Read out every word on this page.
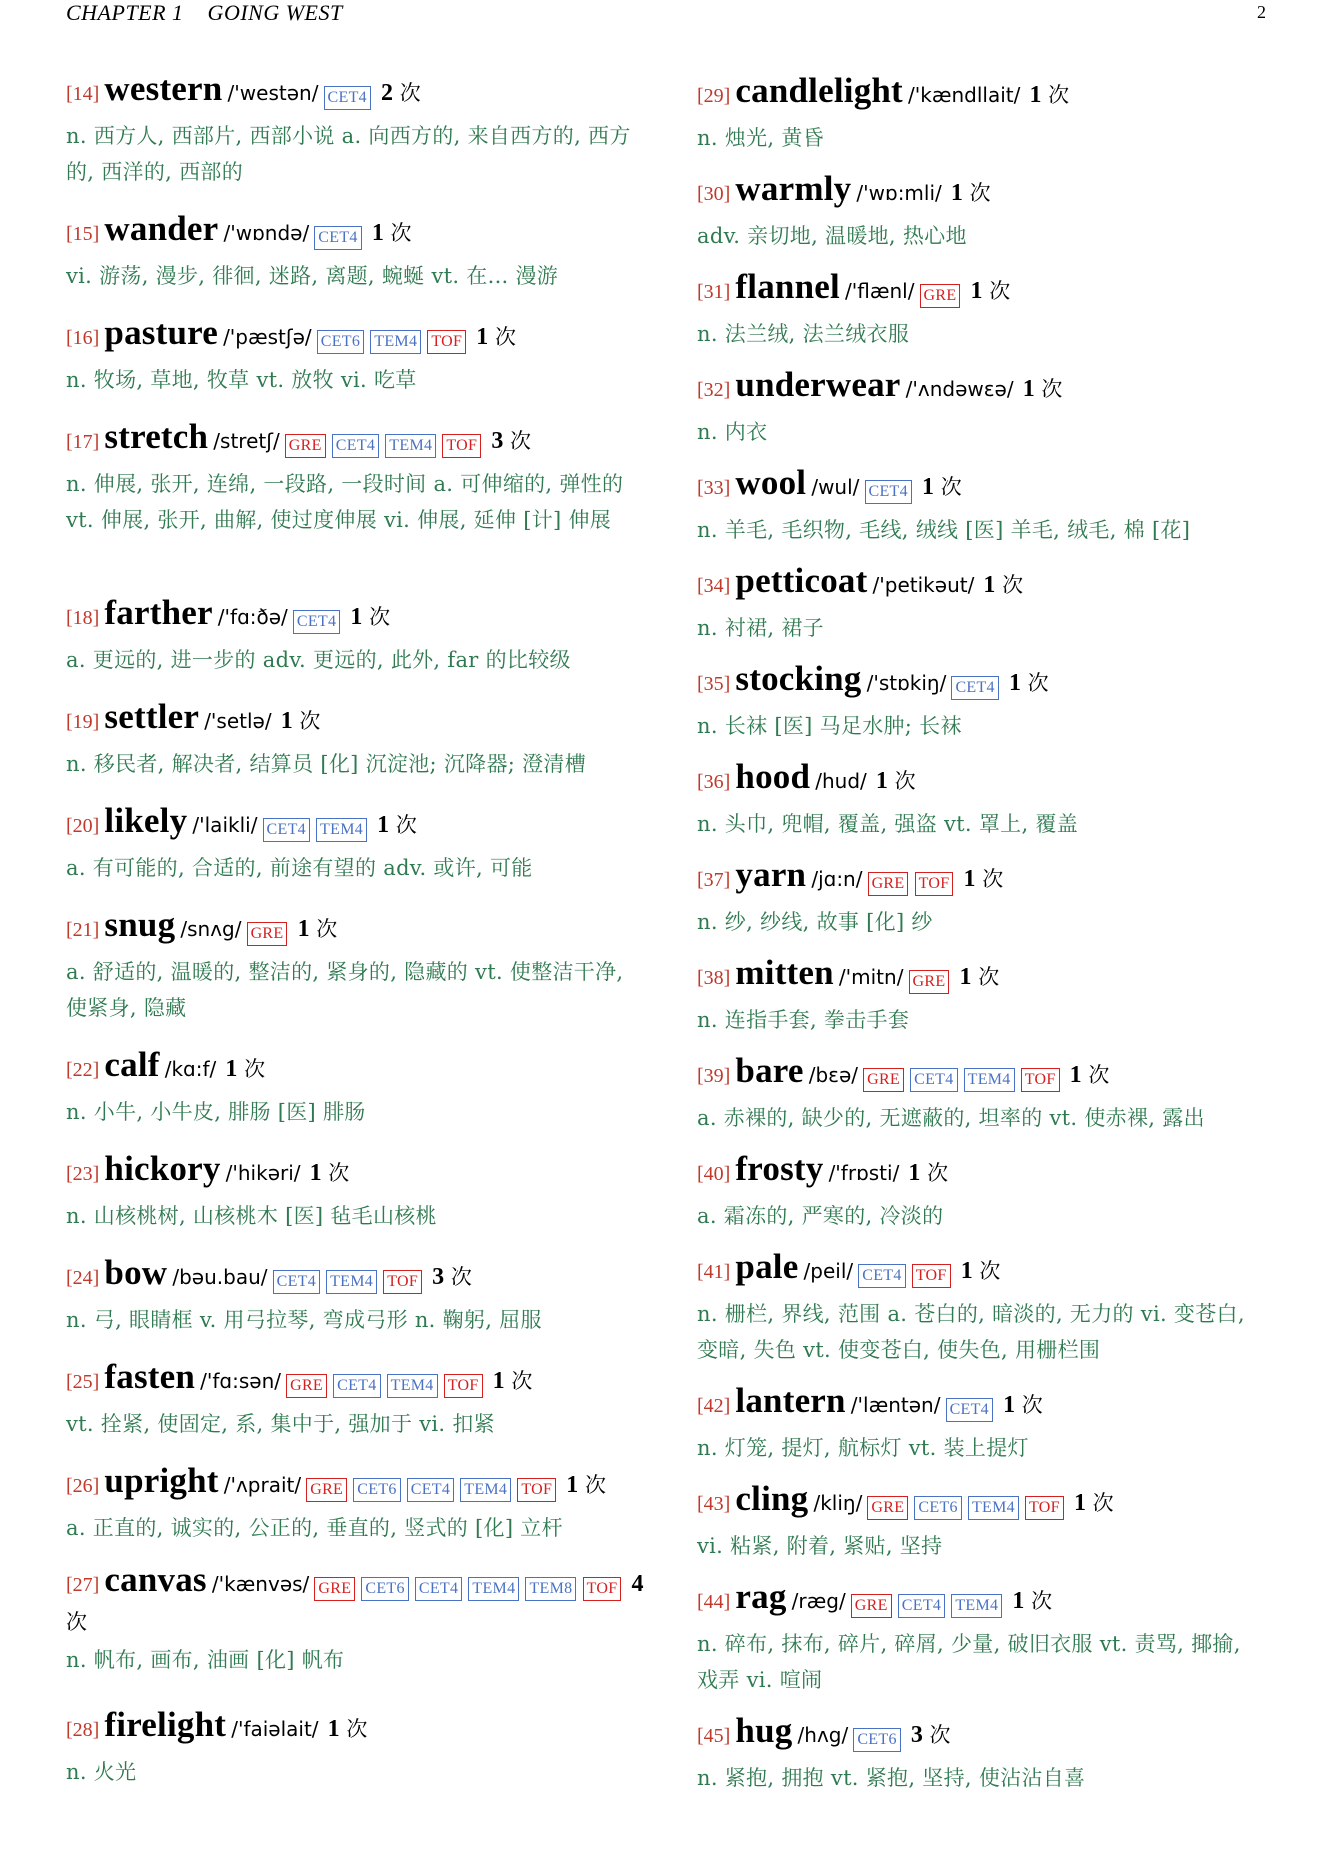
CHAPTER 1    GOING WEST	2
[14] western /'westən/ CET4 2 次
n. 西方人, 西部片, 西部小说 a. 向西方的, 来自西方的, 西方的, 西洋的, 西部的
[15] wander /'wɒndə/ CET4 1 次
vi. 游荡, 漫步, 徘徊, 迷路, 离题, 蜿蜒 vt. 在... 漫游
[16] pasture /'pæstʃə/ CET6 TEM4 TOF 1 次
n. 牧场, 草地, 牧草 vt. 放牧 vi. 吃草
[17] stretch /stretʃ/ GRE CET4 TEM4 TOF 3 次
n. 伸展, 张开, 连绵, 一段路, 一段时间 a. 可伸缩的, 弹性的 vt. 伸展, 张开, 曲解, 使过度伸展 vi. 伸展, 延伸 [计] 伸展
[18] farther /'fɑ:ðə/ CET4 1 次
a. 更远的, 进一步的 adv. 更远的, 此外, far 的比较级
[19] settler /'setlə/ 1 次
n. 移民者, 解决者, 结算员 [化] 沉淀池; 沉降器; 澄清槽
[20] likely /'laikli/ CET4 TEM4 1 次
a. 有可能的, 合适的, 前途有望的 adv. 或许, 可能
[21] snug /snʌg/ GRE 1 次
a. 舒适的, 温暖的, 整洁的, 紧身的, 隐藏的 vt. 使整洁干净, 使紧身, 隐藏
[22] calf /kɑ:f/ 1 次
n. 小牛, 小牛皮, 腓肠 [医] 腓肠
[23] hickory /'hikəri/ 1 次
n. 山核桃树, 山核桃木 [医] 毡毛山核桃
[24] bow /bəu.bau/ CET4 TEM4 TOF 3 次
n. 弓, 眼睛框 v. 用弓拉琴, 弯成弓形 n. 鞠躬, 屈服
[25] fasten /'fɑ:sən/ GRE CET4 TEM4 TOF 1 次
vt. 拴紧, 使固定, 系, 集中于, 强加于 vi. 扣紧
[26] upright /'ʌprait/ GRE CET6 CET4 TEM4 TOF 1 次
a. 正直的, 诚实的, 公正的, 垂直的, 竖式的 [化] 立杆
[27] canvas /'kænvəs/ GRE CET6 CET4 TEM4 TEM8 TOF 4 次
n. 帆布, 画布, 油画 [化] 帆布
[28] firelight /'faiəlait/ 1 次
n. 火光
[29] candlelight /'kændllait/ 1 次
n. 烛光, 黄昏
[30] warmly /'wɒ:mli/ 1 次
adv. 亲切地, 温暖地, 热心地
[31] flannel /'flænl/ GRE 1 次
n. 法兰绒, 法兰绒衣服
[32] underwear /'ʌndəwɛə/ 1 次
n. 内衣
[33] wool /wul/ CET4 1 次
n. 羊毛, 毛织物, 毛线, 绒线 [医] 羊毛, 绒毛, 棉 [花]
[34] petticoat /'petikəut/ 1 次
n. 衬裙, 裙子
[35] stocking /'stɒkiŋ/ CET4 1 次
n. 长袜 [医] 马足水肿; 长袜
[36] hood /hud/ 1 次
n. 头巾, 兜帽, 覆盖, 强盗 vt. 罩上, 覆盖
[37] yarn /jɑ:n/ GRE TOF 1 次
n. 纱, 纱线, 故事 [化] 纱
[38] mitten /'mitn/ GRE 1 次
n. 连指手套, 拳击手套
[39] bare /bɛə/ GRE CET4 TEM4 TOF 1 次
a. 赤裸的, 缺少的, 无遮蔽的, 坦率的 vt. 使赤裸, 露出
[40] frosty /'frɒsti/ 1 次
a. 霜冻的, 严寒的, 冷淡的
[41] pale /peil/ CET4 TOF 1 次
n. 栅栏, 界线, 范围 a. 苍白的, 暗淡的, 无力的 vi. 变苍白, 变暗, 失色 vt. 使变苍白, 使失色, 用栅栏围
[42] lantern /'læntən/ CET4 1 次
n. 灯笼, 提灯, 航标灯 vt. 装上提灯
[43] cling /kliŋ/ GRE CET6 TEM4 TOF 1 次
vi. 粘紧, 附着, 紧贴, 坚持
[44] rag /ræg/ GRE CET4 TEM4 1 次
n. 碎布, 抹布, 碎片, 碎屑, 少量, 破旧衣服 vt. 责骂, 揶揄, 戏弄 vi. 喧闹
[45] hug /hʌg/ CET6 3 次
n. 紧抱, 拥抱 vt. 紧抱, 坚持, 使沾沾自喜
